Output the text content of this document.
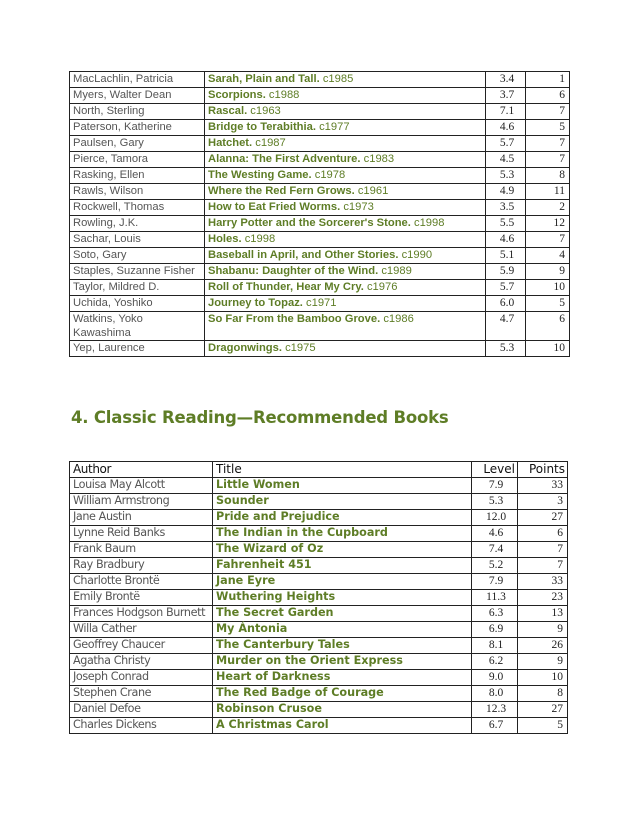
MacLachlin, Patricia	Sarah, Plain and Tall. c1985	3.4	1
Myers, Walter Dean	Scorpions. c1988	3.7	6
North, Sterling	Rascal. c1963	7.1	7
Paterson, Katherine	Bridge to Terabithia. c1977	4.6	5
Paulsen, Gary	Hatchet. c1987	5.7	7
Pierce, Tamora	Alanna: The First Adventure. c1983	4.5	7
Rasking, Ellen	The Westing Game. c1978	5.3	8
Rawls, Wilson	Where the Red Fern Grows. c1961	4.9	11
Rockwell, Thomas	How to Eat Fried Worms. c1973	3.5	2
Rowling, J.K.	Harry Potter and the Sorcerer's Stone. c1998	5.5	12
Sachar, Louis	Holes. c1998	4.6	7
Soto, Gary	Baseball in April, and Other Stories. c1990	5.1	4
Staples, Suzanne Fisher	Shabanu: Daughter of the Wind. c1989	5.9	9
Taylor, Mildred D.	Roll of Thunder, Hear My Cry. c1976	5.7	10
Uchida, Yoshiko	Journey to Topaz. c1971	6.0	5
Watkins, Yoko Kawashima	So Far From the Bamboo Grove. c1986	4.7	6
Yep, Laurence	Dragonwings. c1975	5.3	10
4. Classic Reading—Recommended Books
Author	Title	Level	Points
Louisa May Alcott	Little Women	7.9	33
William Armstrong	Sounder	5.3	3
Jane Austin	Pride and Prejudice	12.0	27
Lynne Reid Banks	The Indian in the Cupboard	4.6	6
Frank Baum	The Wizard of Oz	7.4	7
Ray Bradbury	Fahrenheit 451	5.2	7
Charlotte Brontë	Jane Eyre	7.9	33
Emily Brontë	Wuthering Heights	11.3	23
Frances Hodgson Burnett	The Secret Garden	6.3	13
Willa Cather	My Ántonia	6.9	9
Geoffrey Chaucer	The Canterbury Tales	8.1	26
Agatha Christy	Murder on the Orient Express	6.2	9
Joseph Conrad	Heart of Darkness	9.0	10
Stephen Crane	The Red Badge of Courage	8.0	8
Daniel Defoe	Robinson Crusoe	12.3	27
Charles Dickens	A Christmas Carol	6.7	5
